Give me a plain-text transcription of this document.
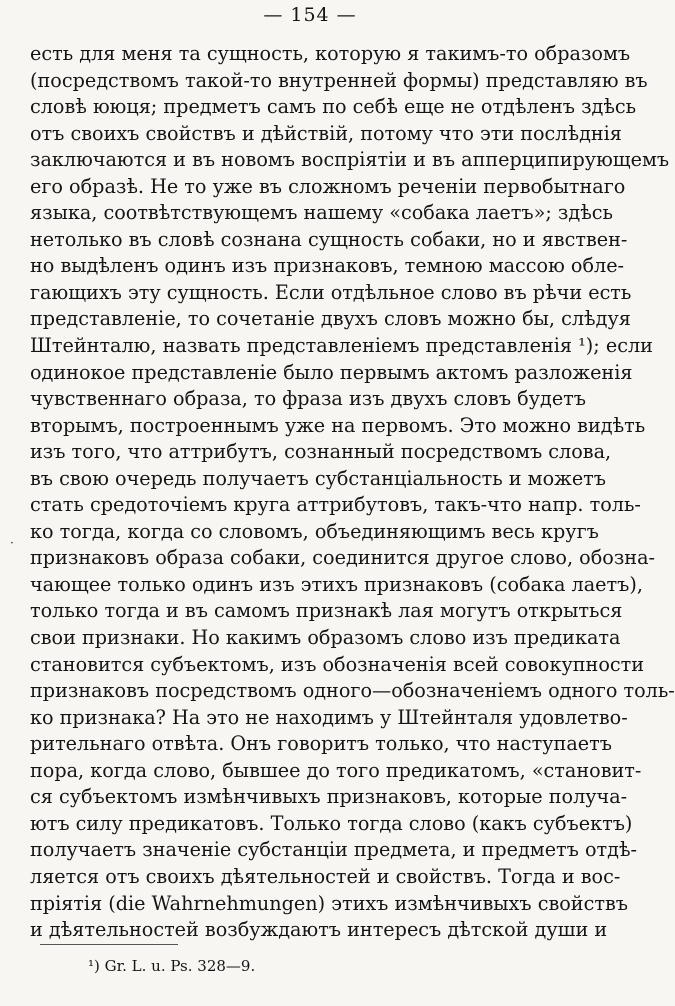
— 154 —
·
есть для меня та сущность, которую я такимъ-то образомъ
(посредствомъ такой-то внутренней формы) представляю въ
словѣ ююця; предметъ самъ по себѣ еще не отдѣленъ здѣсь
отъ своихъ свойствъ и дѣйствій, потому что эти послѣднія
заключаются и въ новомъ воспріятіи и въ апперципирующемъ
его образѣ. Не то уже въ сложномъ реченіи первобытнаго
языка, соотвѣтствующемъ нашему «собака лаетъ»; здѣсь
нетолько въ словѣ сознана сущность собаки, но и явствен-
но выдѣленъ одинъ изъ признаковъ, темною массою обле-
гающихъ эту сущность. Если отдѣльное слово въ рѣчи есть
представленіе, то сочетаніе двухъ словъ можно бы, слѣдуя
Штейнталю, назвать представленіемъ представленія ¹); если
одинокое представленіе было первымъ актомъ разложенія
чувственнаго образа, то фраза изъ двухъ словъ будетъ
вторымъ, построеннымъ уже на первомъ. Это можно видѣть
изъ того, что аттрибутъ, сознанный посредствомъ слова,
въ свою очередь получаетъ субстанціальность и можетъ
стать средоточіемъ круга аттрибутовъ, такъ-что напр. толь-
ко тогда, когда со словомъ, объединяющимъ весь кругъ
признаковъ образа собаки, соединится другое слово, обозна-
чающее только одинъ изъ этихъ признаковъ (собака лаетъ),
только тогда и въ самомъ признакѣ лая могутъ открыться
свои признаки. Но какимъ образомъ слово изъ предиката
становится субъектомъ, изъ обозначенія всей совокупности
признаковъ посредствомъ одного—обозначеніемъ одного толь-
ко признака? На это не находимъ у Штейнталя удовлетво-
рительнаго отвѣта. Онъ говоритъ только, что наступаетъ
пора, когда слово, бывшее до того предикатомъ, «становит-
ся субъектомъ измѣнчивыхъ признаковъ, которые получа-
ютъ силу предикатовъ. Только тогда слово (какъ субъектъ)
получаетъ значеніе субстанціи предмета, и предметъ отдѣ-
ляется отъ своихъ дѣятельностей и свойствъ. Тогда и вос-
пріятія (die Wahrnehmungen) этихъ измѣнчивыхъ свойствъ
и дѣятельностей возбуждаютъ интересъ дѣтской души и
¹) Gr. L. u. Ps. 328—9.
